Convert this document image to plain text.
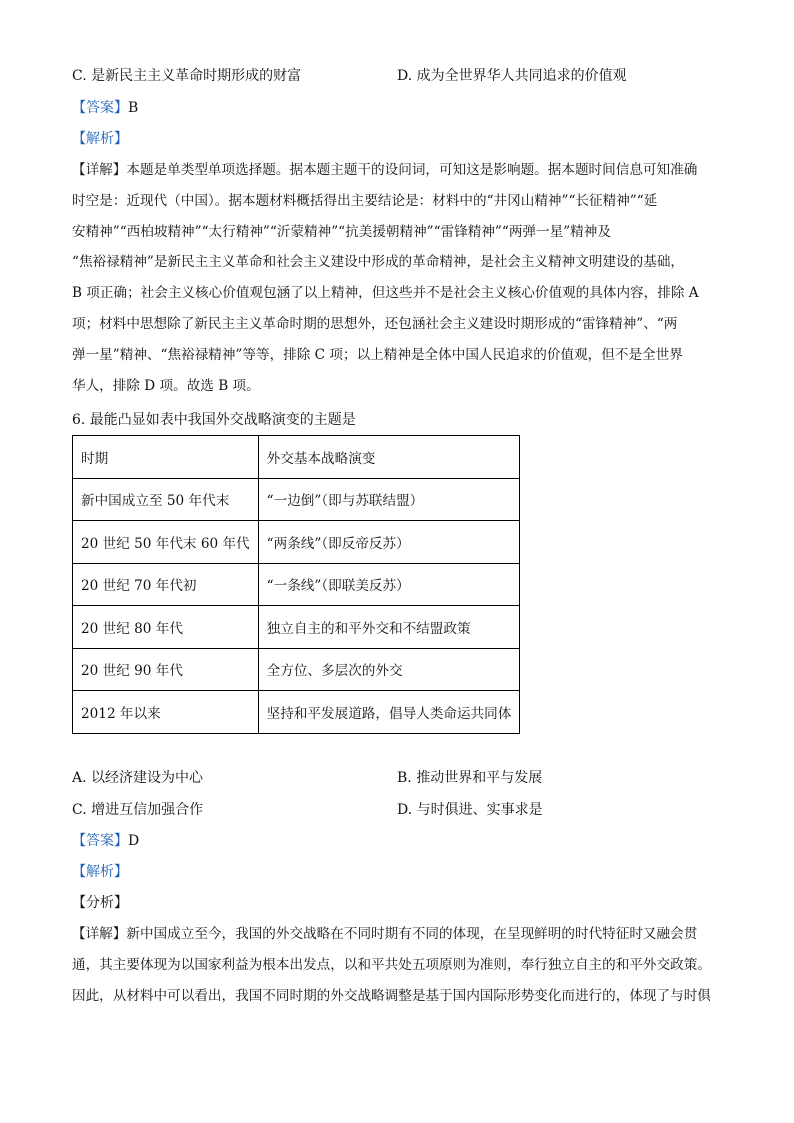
C. 是新民主主义革命时期形成的财富	D. 成为全世界华人共同追求的价值观
【答案】B
【解析】
【详解】本题是单类型单项选择题。据本题主题干的设问词，可知这是影响题。据本题时间信息可知准确
时空是：近现代（中国）。据本题材料概括得出主要结论是：材料中的“井冈山精神”“长征精神”“延
安精神”“西柏坡精神”“太行精神”“沂蒙精神”“抗美援朝精神”“雷锋精神”“两弹一星”精神及
“焦裕禄精神”是新民主主义革命和社会主义建设中形成的革命精神，是社会主义精神文明建设的基础，
B 项正确；社会主义核心价值观包涵了以上精神，但这些并不是社会主义核心价值观的具体内容，排除 A
项；材料中思想除了新民主主义革命时期的思想外，还包涵社会主义建设时期形成的“雷锋精神”、“两
弹一星”精神、“焦裕禄精神”等等，排除 C 项；以上精神是全体中国人民追求的价值观，但不是全世界
华人，排除 D 项。故选 B 项。
6. 最能凸显如表中我国外交战略演变的主题是
时期	外交基本战略演变
新中国成立至 50 年代末	“一边倒”（即与苏联结盟）
20 世纪 50 年代末 60 年代	“两条线”（即反帝反苏）
20 世纪 70 年代初	“一条线”（即联美反苏）
20 世纪 80 年代	独立自主的和平外交和不结盟政策
20 世纪 90 年代	全方位、多层次的外交
2012 年以来	坚持和平发展道路，倡导人类命运共同体
A. 以经济建设为中心	B. 推动世界和平与发展
C. 增进互信加强合作	D. 与时俱进、实事求是
【答案】D
【解析】
【分析】
【详解】新中国成立至今，我国的外交战略在不同时期有不同的体现，在呈现鲜明的时代特征时又融会贯
通，其主要体现为以国家利益为根本出发点，以和平共处五项原则为准则，奉行独立自主的和平外交政策。
因此，从材料中可以看出，我国不同时期的外交战略调整是基于国内国际形势变化而进行的，体现了与时俱
